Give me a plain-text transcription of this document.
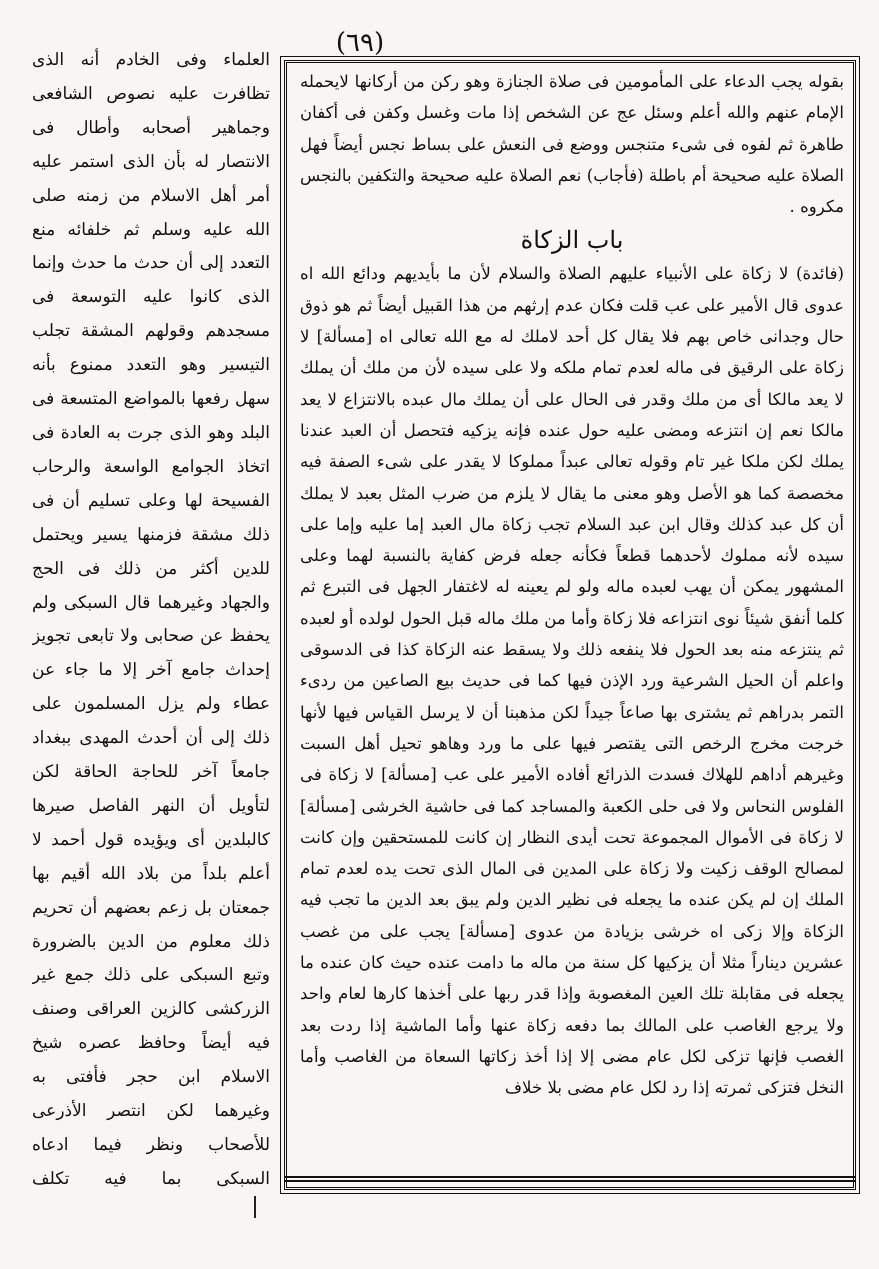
(٦٩)

بقوله يجب الدعاء على المأمومين فى صلاة الجنازة وهو ركن من أركانها لايحمله الإمام عنهم والله أعلم وسئل عج عن الشخص إذا مات وغسل وكفن فى أكفان طاهرة ثم لفوه فى شىء متنجس ووضع فى النعش على بساط نجس أيضاً فهل الصلاة عليه صحيحة أم باطلة (فأجاب) نعم الصلاة عليه صحيحة والتكفين بالنجس مكروه .

باب الزكاة

(فائدة) لا زكاة على الأنبياء عليهم الصلاة والسلام لأن ما بأيديهم ودائع الله اه عدوى قال الأمير على عب قلت فكان عدم إرثهم من هذا القبيل أيضاً ثم هو ذوق حال وجدانى خاص بهم فلا يقال كل أحد لاملك له مع الله تعالى اه [مسألة] لا زكاة على الرقيق فى ماله لعدم تمام ملكه ولا على سيده لأن من ملك أن يملك لا يعد مالكا أى من ملك وقدر فى الحال على أن يملك مال عبده بالانتزاع لا يعد مالكا نعم إن انتزعه ومضى عليه حول عنده فإنه يزكيه فتحصل أن العبد عندنا يملك لكن ملكا غير تام وقوله تعالى عبداً مملوكا لا يقدر على شىء الصفة فيه مخصصة كما هو الأصل وهو معنى ما يقال لا يلزم من ضرب المثل بعبد لا يملك أن كل عبد كذلك وقال ابن عبد السلام تجب زكاة مال العبد إما عليه وإما على سيده لأنه مملوك لأحدهما قطعاً فكأنه جعله فرض كفاية بالنسبة لهما وعلى المشهور يمكن أن يهب لعبده ماله ولو لم يعينه له لاغتفار الجهل فى التبرع ثم كلما أنفق شيئاً نوى انتزاعه فلا زكاة وأما من ملك ماله قبل الحول لولده أو لعبده ثم ينتزعه منه بعد الحول فلا ينفعه ذلك ولا يسقط عنه الزكاة كذا فى الدسوقى واعلم أن الحيل الشرعية ورد الإذن فيها كما فى حديث بيع الصاعين من ردىء التمر بدراهم ثم يشترى بها صاعاً جيداً لكن مذهبنا أن لا يرسل القياس فيها لأنها خرجت مخرج الرخص التى يقتصر فيها على ما ورد وهاهو تحيل أهل السبت وغيرهم أداهم للهلاك فسدت الذرائع أفاده الأمير على عب [مسألة] لا زكاة فى الفلوس النحاس ولا فى حلى الكعبة والمساجد كما فى حاشية الخرشى [مسألة] لا زكاة فى الأموال المجموعة تحت أيدى النظار إن كانت للمستحقين وإن كانت لمصالح الوقف زكيت ولا زكاة على المدين فى المال الذى تحت يده لعدم تمام الملك إن لم يكن عنده ما يجعله فى نظير الدين ولم يبق بعد الدين ما تجب فيه الزكاة وإلا زكى اه خرشى بزيادة من عدوى [مسألة] يجب على من غصب عشرين ديناراً مثلا أن يزكيها كل سنة من ماله ما دامت عنده حيث كان عنده ما يجعله فى مقابلة تلك العين المغصوبة وإذا قدر ربها على أخذها كارها لعام واحد ولا يرجع الغاصب على المالك بما دفعه زكاة عنها وأما الماشية إذا ردت بعد الغصب فإنها تزكى لكل عام مضى إلا إذا أخذ زكاتها السعاة من الغاصب وأما النخل فتزكى ثمرته إذا رد لكل عام مضى بلا خلاف

العلماء وفى الخادم أنه الذى تظافرت عليه نصوص الشافعى وجماهير أصحابه وأطال فى الانتصار له بأن الذى استمر عليه أمر أهل الاسلام من زمنه صلى الله عليه وسلم ثم خلفائه منع التعدد إلى أن حدث ما حدث وإنما الذى كانوا عليه التوسعة فى مسجدهم وقولهم المشقة تجلب التيسير وهو التعدد ممنوع بأنه سهل رفعها بالمواضع المتسعة فى البلد وهو الذى جرت به العادة فى اتخاذ الجوامع الواسعة والرحاب الفسيحة لها وعلى تسليم أن فى ذلك مشقة فزمنها يسير ويحتمل للدين أكثر من ذلك فى الحج والجهاد وغيرهما قال السبكى ولم يحفظ عن صحابى ولا تابعى تجويز إحداث جامع آخر إلا ما جاء عن عطاء ولم يزل المسلمون على ذلك إلى أن أحدث المهدى ببغداد جامعاً آخر للحاجة الحاقة لكن لتأويل أن النهر الفاصل صيرها كالبلدين أى ويؤيده قول أحمد لا أعلم بلداً من بلاد الله أقيم بها جمعتان بل زعم بعضهم أن تحريم ذلك معلوم من الدين بالضرورة وتبع السبكى على ذلك جمع غير الزركشى كالزين العراقى وصنف فيه أيضاً وحافظ عصره شيخ الاسلام ابن حجر فأفتى به وغيرهما لكن انتصر الأذرعى للأصحاب ونظر فيما ادعاه السبكى بما فيه تكلف
